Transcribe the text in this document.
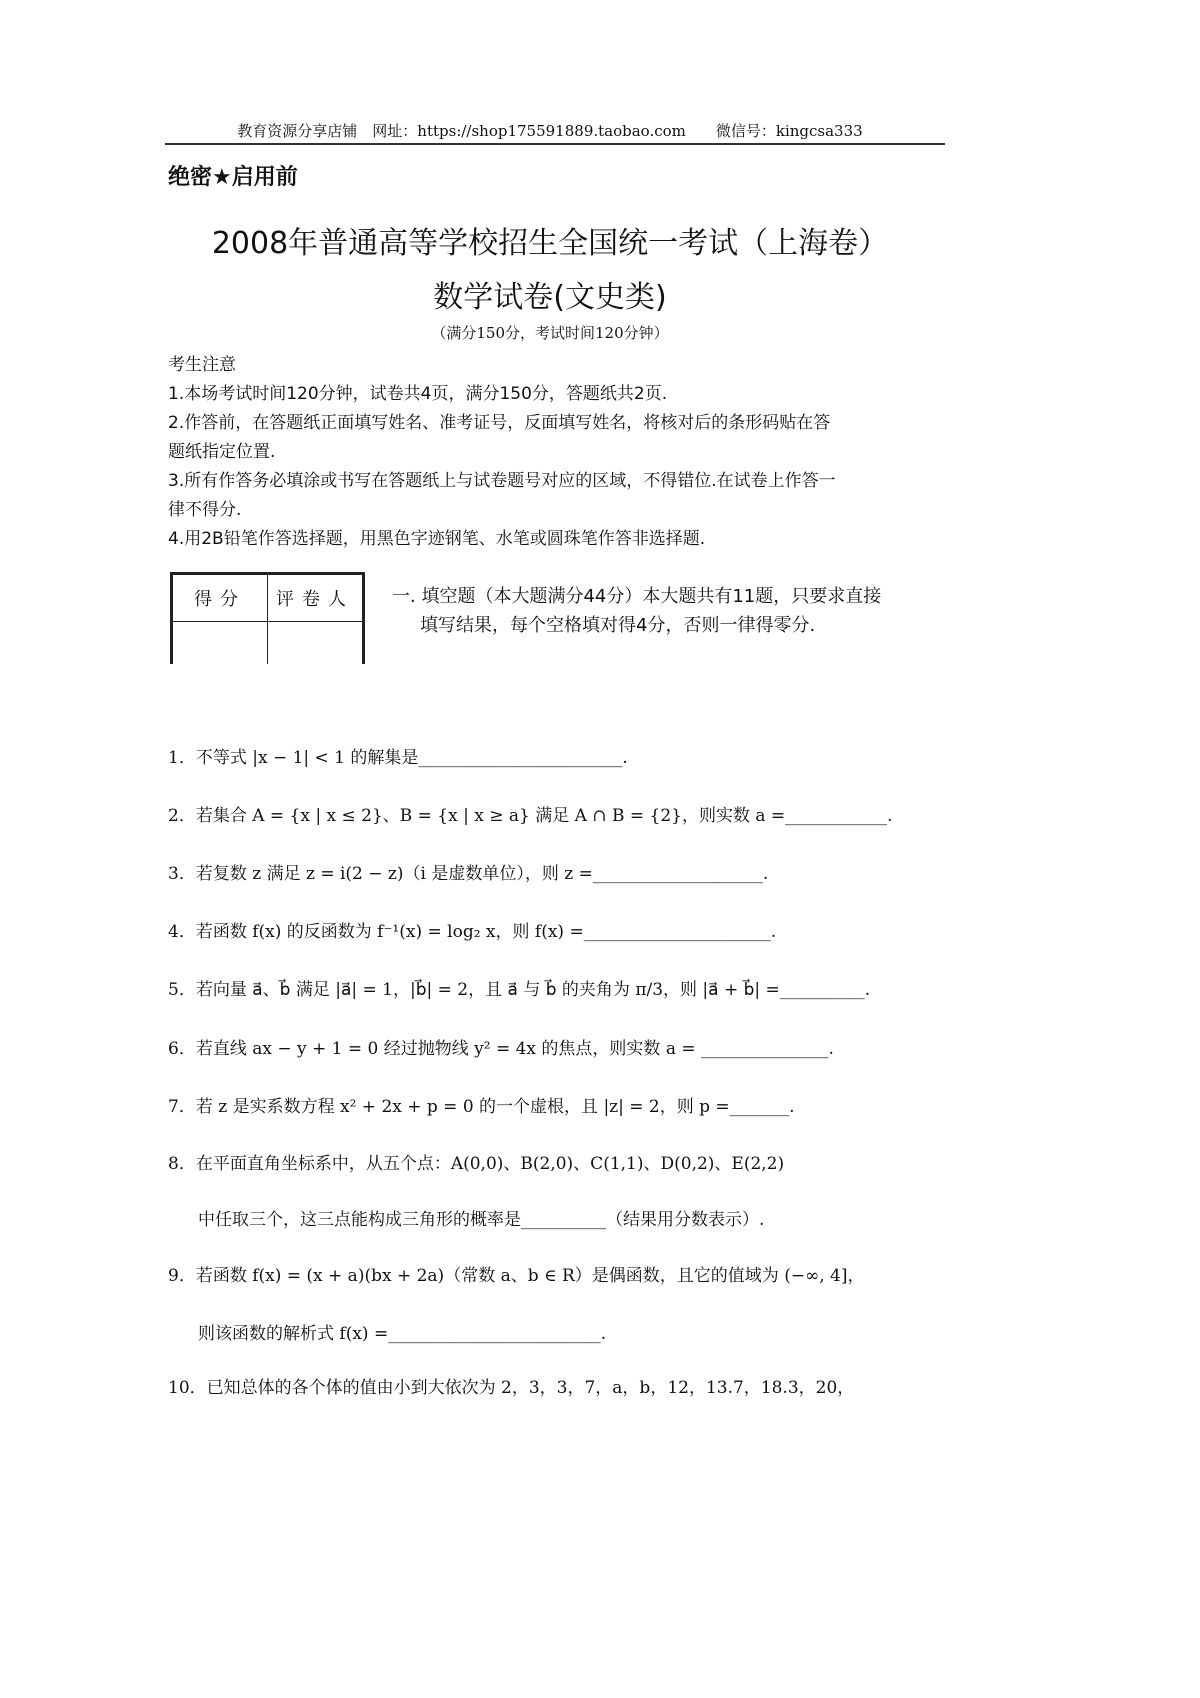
教育资源分享店铺　网址：https://shop175591889.taobao.com　　微信号：kingcsa333
绝密★启用前
2008年普通高等学校招生全国统一考试（上海卷）
数学试卷(文史类)
（满分150分，考试时间120分钟）
考生注意
1.本场考试时间120分钟，试卷共4页，满分150分，答题纸共2页.
2.作答前，在答题纸正面填写姓名、准考证号，反面填写姓名，将核对后的条形码贴在答
题纸指定位置.
3.所有作答务必填涂或书写在答题纸上与试卷题号对应的区域，不得错位.在试卷上作答一
律不得分.
4.用2B铅笔作答选择题，用黑色字迹钢笔、水笔或圆珠笔作答非选择题.
得分	评卷人
	一. 填空题（本大题满分44分）本大题共有11题，只要求直接
填写结果，每个空格填对得4分，否则一律得零分.
1．不等式 |x − 1| < 1 的解集是________________________.
2．若集合 A = {x | x ≤ 2}、B = {x | x ≥ a} 满足 A ∩ B = {2}，则实数 a =____________.
3．若复数 z 满足 z = i(2 − z)（i 是虚数单位），则 z =____________________.
4．若函数 f(x) 的反函数为 f⁻¹(x) = log₂ x，则 f(x) =______________________.
5．若向量 a⃗、b⃗ 满足 |a⃗| = 1，|b⃗| = 2，且 a⃗ 与 b⃗ 的夹角为 π/3，则 |a⃗ + b⃗| =__________.
6．若直线 ax − y + 1 = 0 经过抛物线 y² = 4x 的焦点，则实数 a = _______________.
7．若 z 是实系数方程 x² + 2x + p = 0 的一个虚根，且 |z| = 2，则 p =_______.
8．在平面直角坐标系中，从五个点：A(0,0)、B(2,0)、C(1,1)、D(0,2)、E(2,2)
中任取三个，这三点能构成三角形的概率是__________（结果用分数表示）.
9．若函数 f(x) = (x + a)(bx + 2a)（常数 a、b ∈ R）是偶函数，且它的值域为 (−∞, 4]，
则该函数的解析式 f(x) =_________________________.
10．已知总体的各个体的值由小到大依次为 2，3，3，7，a，b，12，13.7，18.3，20，
